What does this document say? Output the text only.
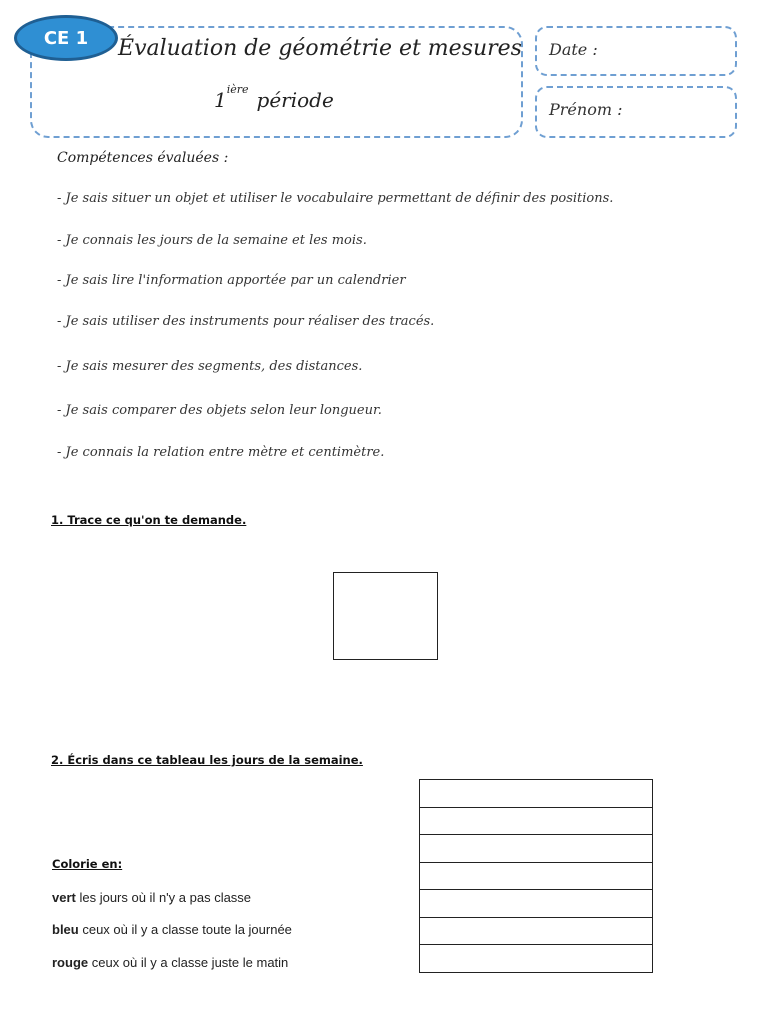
CE 1	Évaluation de géométrie et mesures
$1^{ière}$ période
Date :
Prénom :
Compétences évaluées :
- Je sais situer un objet et utiliser le vocabulaire permettant de définir des positions.
- Je connais les jours de la semaine et les mois.
- Je sais lire l'information apportée par un calendrier
- Je sais utiliser des instruments pour réaliser des tracés.
- Je sais mesurer des segments, des distances.
- Je sais comparer des objets selon leur longueur.
- Je connais la relation entre mètre et centimètre.
1. Trace ce qu'on te demande.
2. Écris dans ce tableau les jours de la semaine.

Colorie en:
vert les jours où il n'y a pas classe
bleu ceux où il y a classe toute la journée
rouge ceux où il y a classe juste le matin
